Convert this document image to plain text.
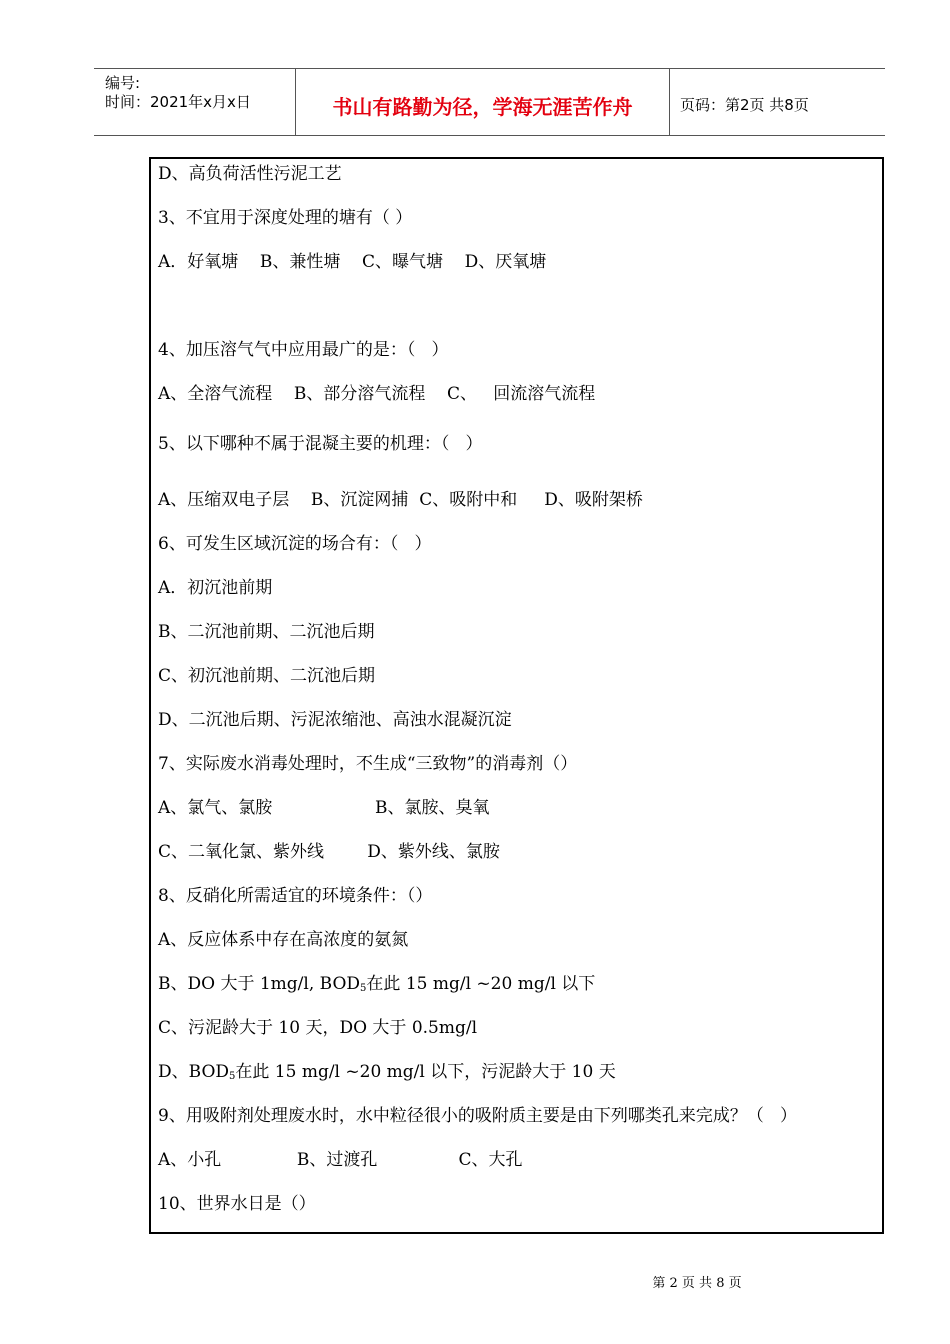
编号:
时间：2021年x月x日	书山有路勤为径，学海无涯苦作舟	页码：第2页 共8页
D、高负荷活性污泥工艺
3、不宜用于深度处理的塘有（ ）
A．好氧塘    B、兼性塘    C、曝气塘    D、厌氧塘
4、加压溶气气中应用最广的是：（   ）
A、全溶气流程    B、部分溶气流程    C、   回流溶气流程
5、以下哪种不属于混凝主要的机理：（   ）
A、压缩双电子层    B、沉淀网捕  C、吸附中和     D、吸附架桥
6、可发生区域沉淀的场合有：（   ）
A．初沉池前期
B、二沉池前期、二沉池后期
C、初沉池前期、二沉池后期
D、二沉池后期、污泥浓缩池、高浊水混凝沉淀
7、实际废水消毒处理时，不生成“三致物”的消毒剂（）
A、氯气、氯胺                   B、氯胺、臭氧
C、二氧化氯、紫外线        D、紫外线、氯胺
8、反硝化所需适宜的环境条件：（）
A、反应体系中存在高浓度的氨氮
B、DO 大于 1mg/l, $BOD_5$在此 15 mg/l ~20 mg/l 以下
C、污泥龄大于 10 天，DO 大于 0.5mg/l
D、$BOD_5$在此 15 mg/l ~20 mg/l 以下，污泥龄大于 10 天
9、用吸附剂处理废水时，水中粒径很小的吸附质主要是由下列哪类孔来完成？（   ）
A、小孔              B、过渡孔               C、大孔
10、世界水日是（）
第 2 页 共 8 页
